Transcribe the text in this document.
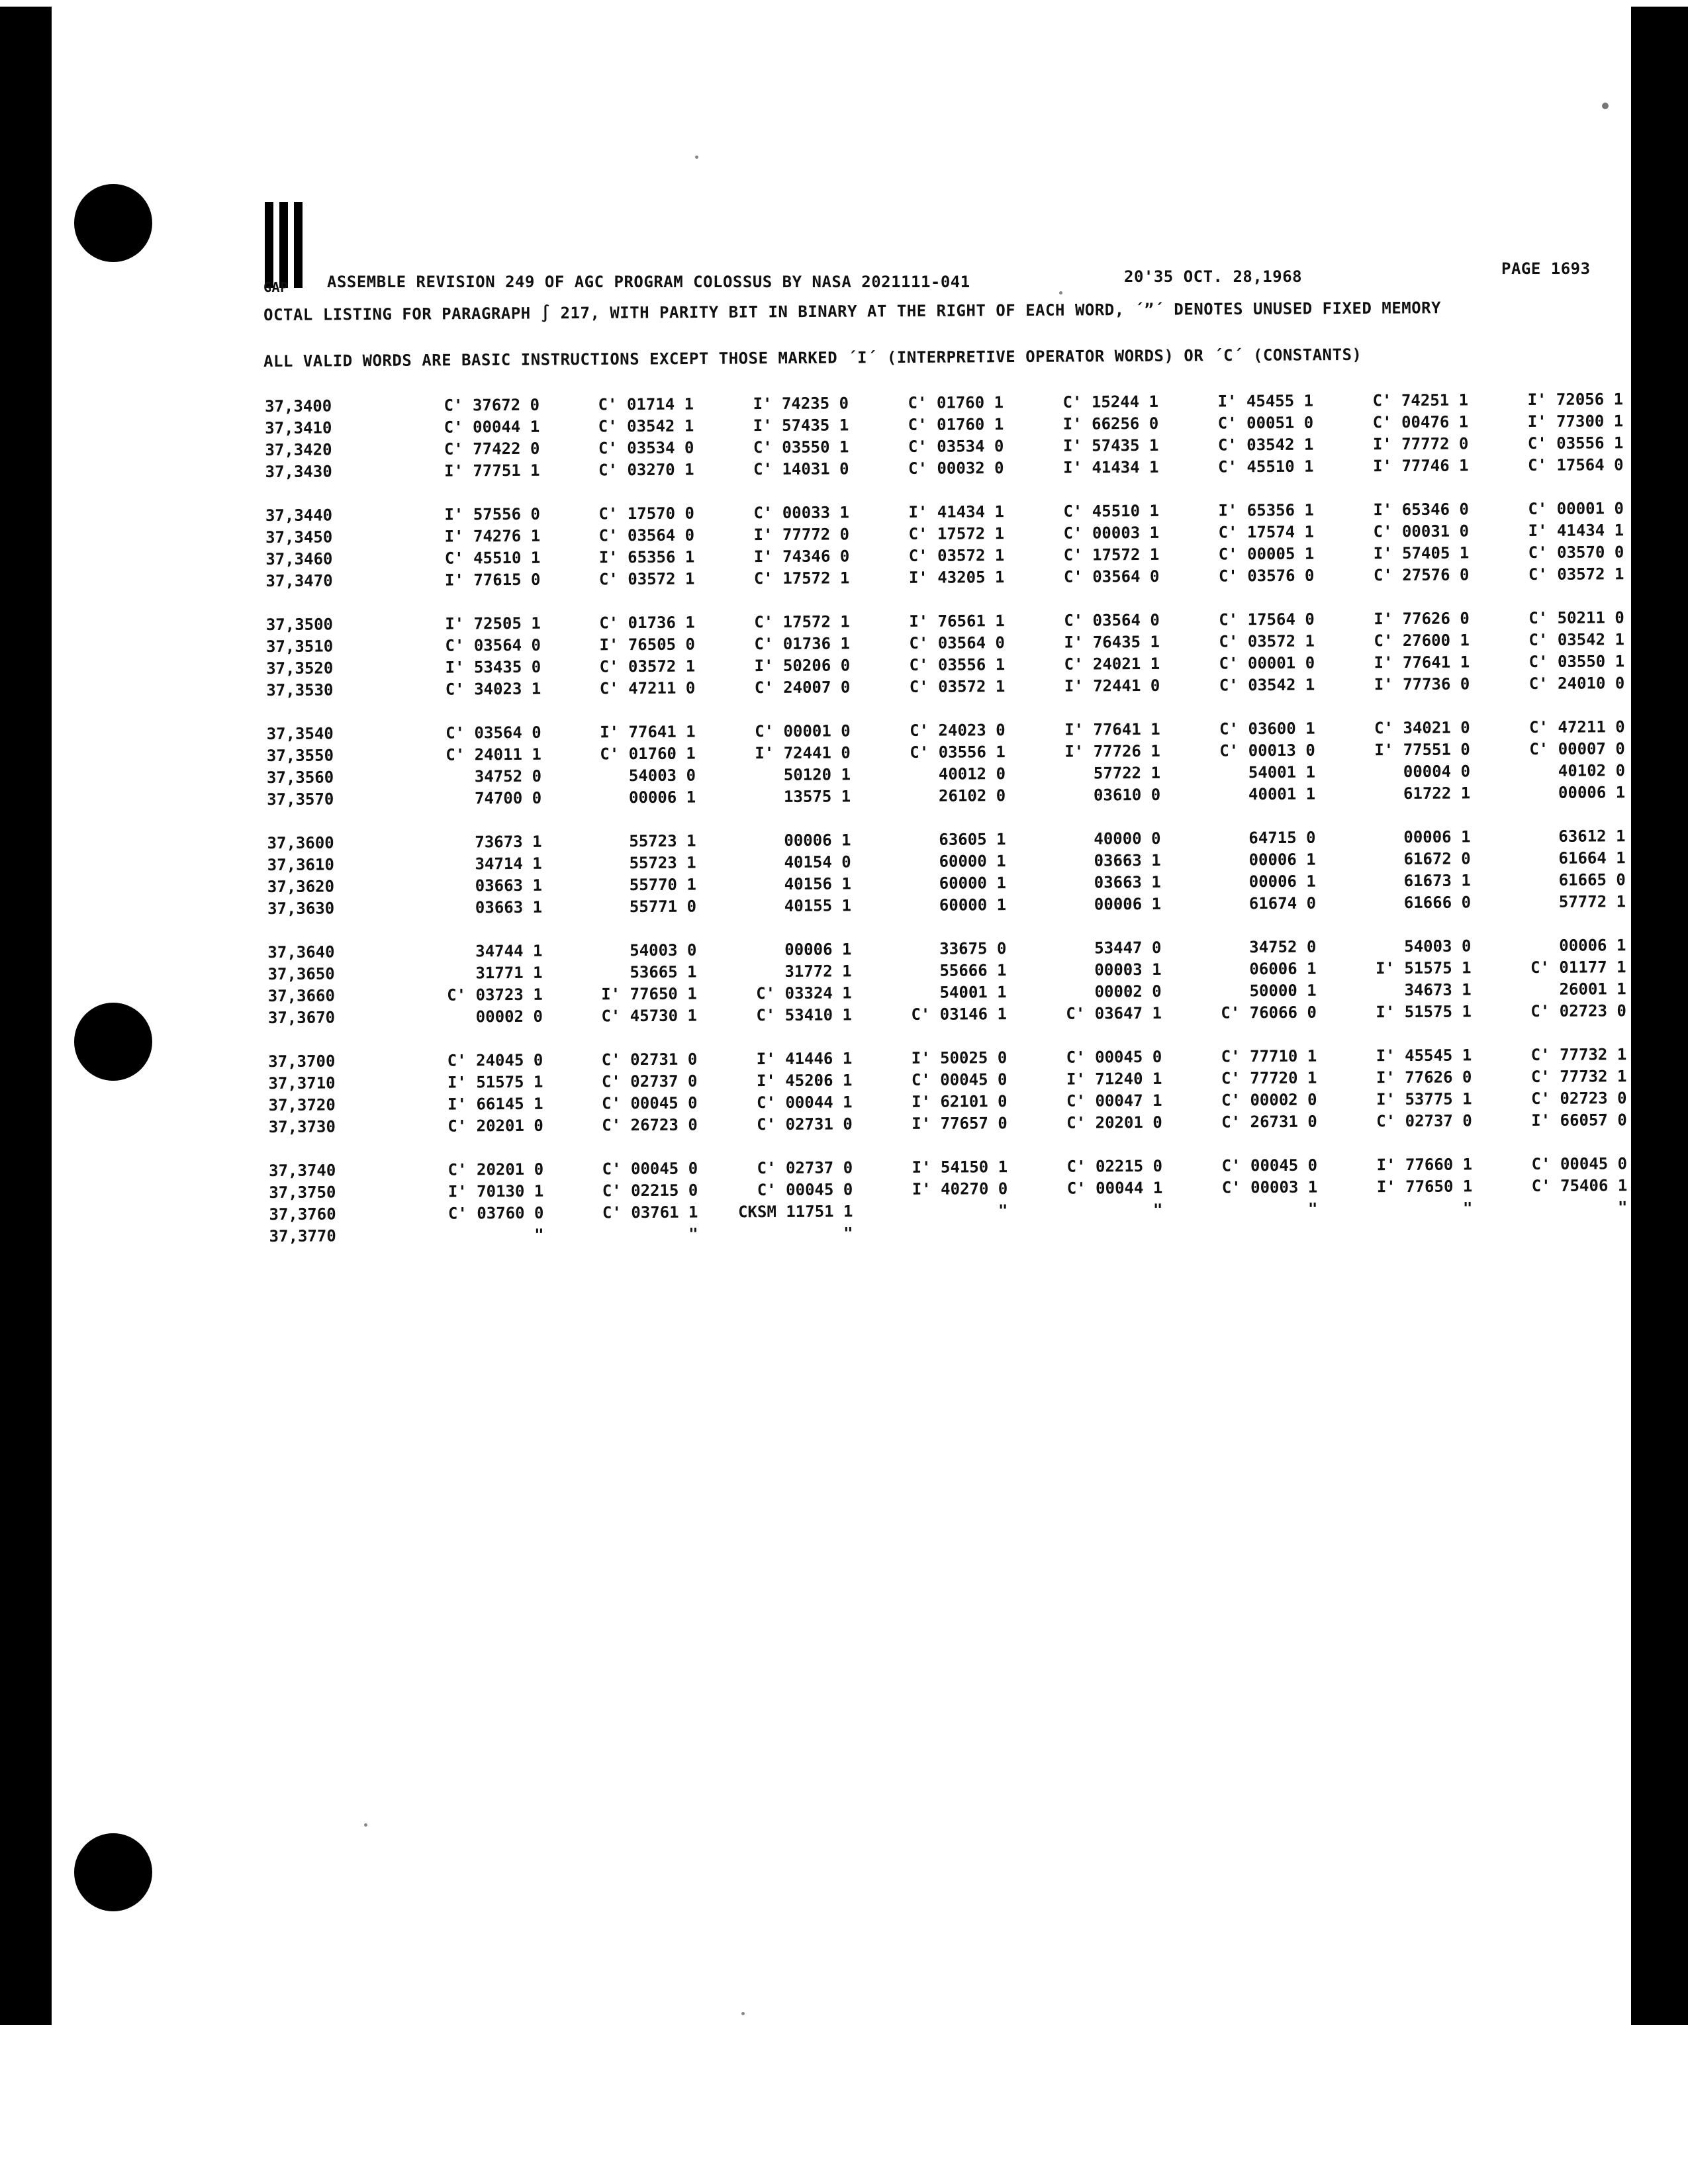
GAP ASSEMBLE REVISION 249 OF AGC PROGRAM COLOSSUS BY NASA 2021111-041	20'35 OCT. 28,1968	PAGE 1693
OCTAL LISTING FOR PARAGRAPH ∫ 217, WITH PARITY BIT IN BINARY AT THE RIGHT OF EACH WORD, ´”´ DENOTES UNUSED FIXED MEMORY
ALL VALID WORDS ARE BASIC INSTRUCTIONS EXCEPT THOSE MARKED ´I´ (INTERPRETIVE OPERATOR WORDS) OR ´C´ (CONSTANTS)
37,3400	C' 37672 0	C' 01714 1	I' 74235 0	C' 01760 1	C' 15244 1	I' 45455 1	C' 74251 1	I' 72056 1
37,3410	C' 00044 1	C' 03542 1	I' 57435 1	C' 01760 1	I' 66256 0	C' 00051 0	C' 00476 1	I' 77300 1
37,3420	C' 77422 0	C' 03534 0	C' 03550 1	C' 03534 0	I' 57435 1	C' 03542 1	I' 77772 0	C' 03556 1
37,3430	I' 77751 1	C' 03270 1	C' 14031 0	C' 00032 0	I' 41434 1	C' 45510 1	I' 77746 1	C' 17564 0
37,3440	I' 57556 0	C' 17570 0	C' 00033 1	I' 41434 1	C' 45510 1	I' 65356 1	I' 65346 0	C' 00001 0
37,3450	I' 74276 1	C' 03564 0	I' 77772 0	C' 17572 1	C' 00003 1	C' 17574 1	C' 00031 0	I' 41434 1
37,3460	C' 45510 1	I' 65356 1	I' 74346 0	C' 03572 1	C' 17572 1	C' 00005 1	I' 57405 1	C' 03570 0
37,3470	I' 77615 0	C' 03572 1	C' 17572 1	I' 43205 1	C' 03564 0	C' 03576 0	C' 27576 0	C' 03572 1
37,3500	I' 72505 1	C' 01736 1	C' 17572 1	I' 76561 1	C' 03564 0	C' 17564 0	I' 77626 0	C' 50211 0
37,3510	C' 03564 0	I' 76505 0	C' 01736 1	C' 03564 0	I' 76435 1	C' 03572 1	C' 27600 1	C' 03542 1
37,3520	I' 53435 0	C' 03572 1	I' 50206 0	C' 03556 1	C' 24021 1	C' 00001 0	I' 77641 1	C' 03550 1
37,3530	C' 34023 1	C' 47211 0	C' 24007 0	C' 03572 1	I' 72441 0	C' 03542 1	I' 77736 0	C' 24010 0
37,3540	C' 03564 0	I' 77641 1	C' 00001 0	C' 24023 0	I' 77641 1	C' 03600 1	C' 34021 0	C' 47211 0
37,3550	C' 24011 1	C' 01760 1	I' 72441 0	C' 03556 1	I' 77726 1	C' 00013 0	I' 77551 0	C' 00007 0
37,3560	34752 0	54003 0	50120 1	40012 0	57722 1	54001 1	00004 0	40102 0
37,3570	74700 0	00006 1	13575 1	26102 0	03610 0	40001 1	61722 1	00006 1
37,3600	73673 1	55723 1	00006 1	63605 1	40000 0	64715 0	00006 1	63612 1
37,3610	34714 1	55723 1	40154 0	60000 1	03663 1	00006 1	61672 0	61664 1
37,3620	03663 1	55770 1	40156 1	60000 1	03663 1	00006 1	61673 1	61665 0
37,3630	03663 1	55771 0	40155 1	60000 1	00006 1	61674 0	61666 0	57772 1
37,3640	34744 1	54003 0	00006 1	33675 0	53447 0	34752 0	54003 0	00006 1
37,3650	31771 1	53665 1	31772 1	55666 1	00003 1	06006 1	I' 51575 1	C' 01177 1
37,3660	C' 03723 1	I' 77650 1	C' 03324 1	54001 1	00002 0	50000 1	34673 1	26001 1
37,3670	00002 0	C' 45730 1	C' 53410 1	C' 03146 1	C' 03647 1	C' 76066 0	I' 51575 1	C' 02723 0
37,3700	C' 24045 0	C' 02731 0	I' 41446 1	I' 50025 0	C' 00045 0	C' 77710 1	I' 45545 1	C' 77732 1
37,3710	I' 51575 1	C' 02737 0	I' 45206 1	C' 00045 0	I' 71240 1	C' 77720 1	I' 77626 0	C' 77732 1
37,3720	I' 66145 1	C' 00045 0	C' 00044 1	I' 62101 0	C' 00047 1	C' 00002 0	I' 53775 1	C' 02723 0
37,3730	C' 20201 0	C' 26723 0	C' 02731 0	I' 77657 0	C' 20201 0	C' 26731 0	C' 02737 0	I' 66057 0
37,3740	C' 20201 0	C' 00045 0	C' 02737 0	I' 54150 1	C' 02215 0	C' 00045 0	I' 77660 1	C' 00045 0
37,3750	I' 70130 1	C' 02215 0	C' 00045 0	I' 40270 0	C' 00044 1	C' 00003 1	I' 77650 1	C' 75406 1
37,3760	C' 03760 0	C' 03761 1	CKSM 11751 1	"	"	"	"	"
37,3770	"	"	"
